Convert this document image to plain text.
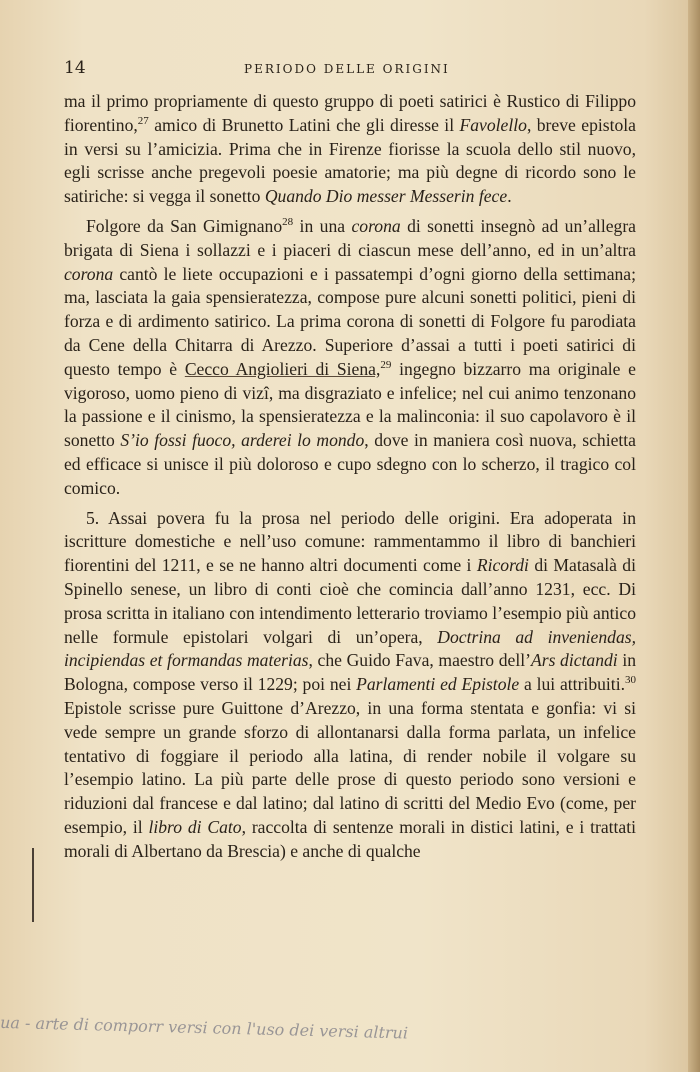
14	PERIODO DELLE ORIGINI

ma il primo propriamente di questo gruppo di poeti satirici è Rustico di Filippo fiorentino,$^{27}$ amico di Brunetto Latini che gli diresse il Favolello, breve epistola in versi su l’amicizia. Prima che in Firenze fiorisse la scuola dello stil nuovo, egli scrisse anche pregevoli poesie amatorie; ma più degne di ricordo sono le satiriche: si vegga il sonetto Quando Dio messer Messerin fece.

Folgore da San Gimignano$^{28}$ in una corona di sonetti insegnò ad un’allegra brigata di Siena i sollazzi e i piaceri di ciascun mese dell’anno, ed in un’altra corona cantò le liete occupazioni e i passatempi d’ogni giorno della settimana; ma, lasciata la gaia spensieratezza, compose pure alcuni sonetti politici, pieni di forza e di ardimento satirico. La prima corona di sonetti di Folgore fu parodiata da Cene della Chitarra di Arezzo. Superiore d’assai a tutti i poeti satirici di questo tempo è Cecco Angiolieri di Siena,$^{29}$ ingegno bizzarro ma originale e vigoroso, uomo pieno di vizî, ma disgraziato e infelice; nel cui animo tenzonano la passione e il cinismo, la spensieratezza e la malinconia: il suo capolavoro è il sonetto S’io fossi fuoco, arderei lo mondo, dove in maniera così nuova, schietta ed efficace si unisce il più doloroso e cupo sdegno con lo scherzo, il tragico col comico.

5. Assai povera fu la prosa nel periodo delle origini. Era adoperata in iscritture domestiche e nell’uso comune: rammentammo il libro di banchieri fiorentini del 1211, e se ne hanno altri documenti come i Ricordi di Matasalà di Spinello senese, un libro di conti cioè che comincia dall’anno 1231, ecc. Di prosa scritta in italiano con intendimento letterario troviamo l’esempio più antico nelle formule epistolari volgari di un’opera, Doctrina ad inveniendas, incipiendas et formandas materias, che Guido Fava, maestro dell’Ars dictandi in Bologna, compose verso il 1229; poi nei Parlamenti ed Epistole a lui attribuiti.$^{30}$ Epistole scrisse pure Guittone d’Arezzo, in una forma stentata e gonfia: vi si vede sempre un grande sforzo di allontanarsi dalla forma parlata, un infelice tentativo di foggiare il periodo alla latina, di render nobile il volgare su l’esempio latino. La più parte delle prose di questo periodo sono versioni e riduzioni dal francese e dal latino; dal latino di scritti del Medio Evo (come, per esempio, il libro di Cato, raccolta di sentenze morali in distici latini, e i trattati morali di Albertano da Brescia) e anche di qualche

ua - arte di comporr versi con l'uso dei versi altrui
